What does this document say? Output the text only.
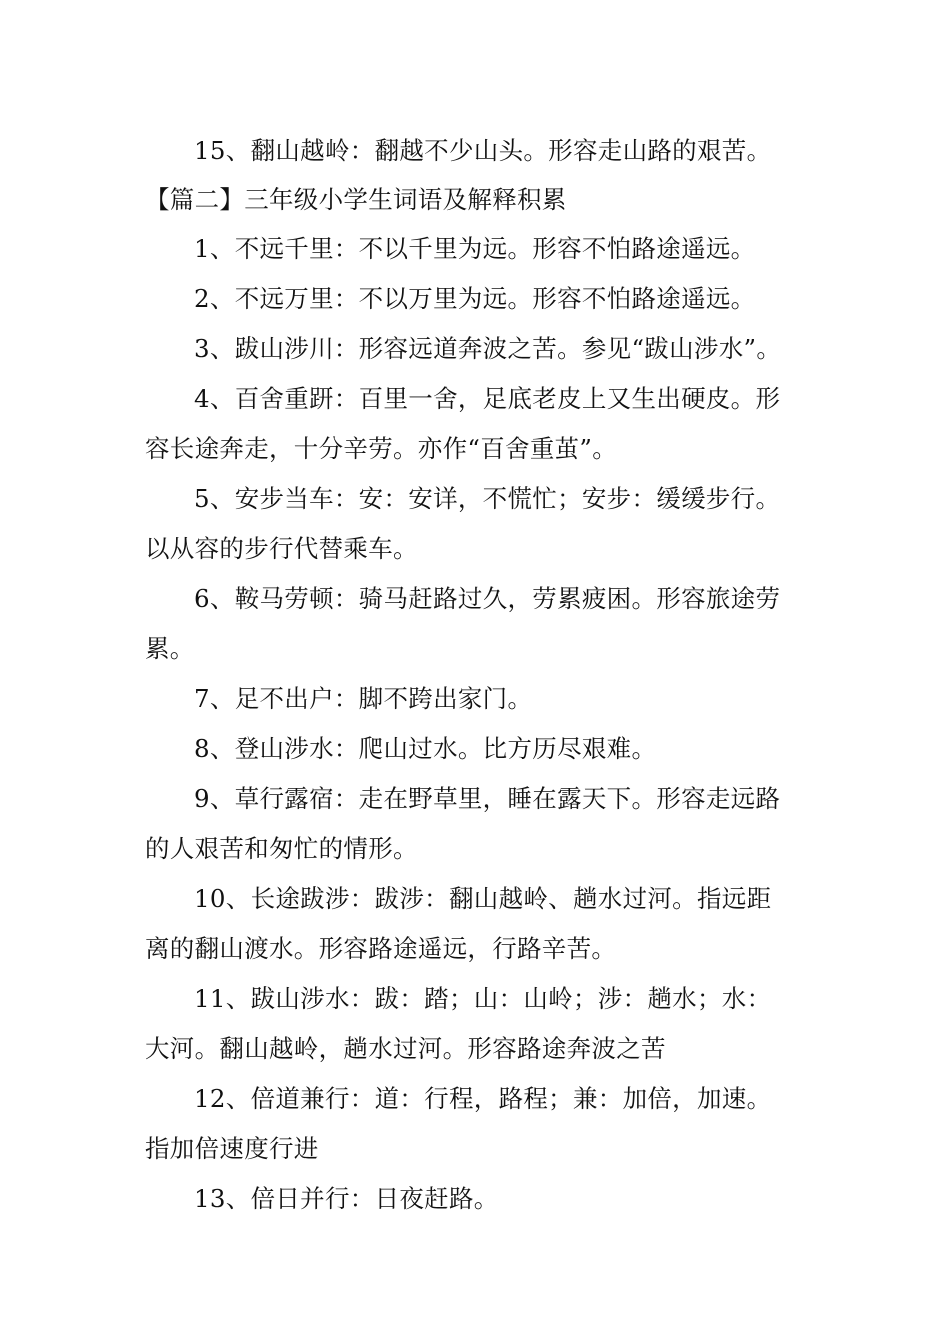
15、翻山越岭：翻越不少山头。形容走山路的艰苦。
【篇二】三年级小学生词语及解释积累
1、不远千里：不以千里为远。形容不怕路途遥远。
2、不远万里：不以万里为远。形容不怕路途遥远。
3、跋山涉川：形容远道奔波之苦。参见“跋山涉水”。
4、百舍重趼：百里一舍，足底老皮上又生出硬皮。形
容长途奔走，十分辛劳。亦作“百舍重茧”。
5、安步当车：安：安详，不慌忙；安步：缓缓步行。
以从容的步行代替乘车。
6、鞍马劳顿：骑马赶路过久，劳累疲困。形容旅途劳
累。
7、足不出户：脚不跨出家门。
8、登山涉水：爬山过水。比方历尽艰难。
9、草行露宿：走在野草里，睡在露天下。形容走远路
的人艰苦和匆忙的情形。
10、长途跋涉：跋涉：翻山越岭、趟水过河。指远距
离的翻山渡水。形容路途遥远，行路辛苦。
11、跋山涉水：跋：踏；山：山岭；涉：趟水；水：
大河。翻山越岭，趟水过河。形容路途奔波之苦
12、倍道兼行：道：行程，路程；兼：加倍，加速。
指加倍速度行进
13、倍日并行：日夜赶路。
